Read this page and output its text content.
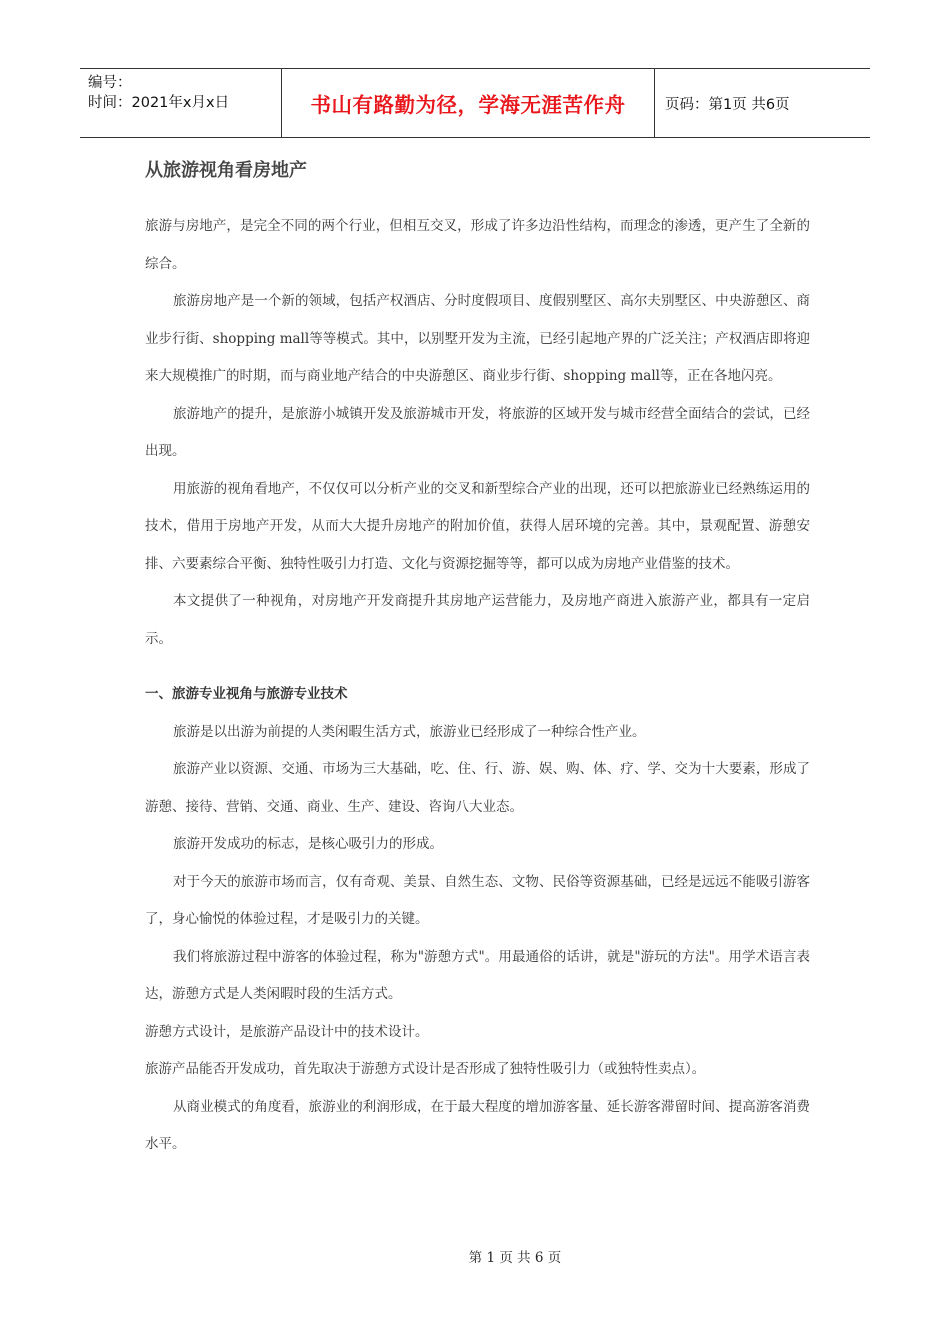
编号：
时间：2021年x月x日	书山有路勤为径，学海无涯苦作舟	页码：第1页 共6页
从旅游视角看房地产

旅游与房地产，是完全不同的两个行业，但相互交叉，形成了许多边沿性结构，而理念的渗透，更产生了全新的综合。

旅游房地产是一个新的领域，包括产权酒店、分时度假项目、度假别墅区、高尔夫别墅区、中央游憩区、商业步行街、shopping mall等等模式。其中，以别墅开发为主流，已经引起地产界的广泛关注；产权酒店即将迎来大规模推广的时期，而与商业地产结合的中央游憩区、商业步行街、shopping mall等，正在各地闪亮。

旅游地产的提升，是旅游小城镇开发及旅游城市开发，将旅游的区域开发与城市经营全面结合的尝试，已经出现。

用旅游的视角看地产，不仅仅可以分析产业的交叉和新型综合产业的出现，还可以把旅游业已经熟练运用的技术，借用于房地产开发，从而大大提升房地产的附加价值，获得人居环境的完善。其中，景观配置、游憩安排、六要素综合平衡、独特性吸引力打造、文化与资源挖掘等等，都可以成为房地产业借鉴的技术。

本文提供了一种视角，对房地产开发商提升其房地产运营能力，及房地产商进入旅游产业，都具有一定启示。

一、旅游专业视角与旅游专业技术

旅游是以出游为前提的人类闲暇生活方式，旅游业已经形成了一种综合性产业。

旅游产业以资源、交通、市场为三大基础，吃、住、行、游、娱、购、体、疗、学、交为十大要素，形成了游憩、接待、营销、交通、商业、生产、建设、咨询八大业态。

旅游开发成功的标志，是核心吸引力的形成。

对于今天的旅游市场而言，仅有奇观、美景、自然生态、文物、民俗等资源基础，已经是远远不能吸引游客了，身心愉悦的体验过程，才是吸引力的关键。

我们将旅游过程中游客的体验过程，称为"游憩方式"。用最通俗的话讲，就是"游玩的方法"。用学术语言表达，游憩方式是人类闲暇时段的生活方式。

游憩方式设计，是旅游产品设计中的技术设计。

旅游产品能否开发成功，首先取决于游憩方式设计是否形成了独特性吸引力（或独特性卖点）。

从商业模式的角度看，旅游业的利润形成，在于最大程度的增加游客量、延长游客滞留时间、提高游客消费水平。

第 1 页 共 6 页
